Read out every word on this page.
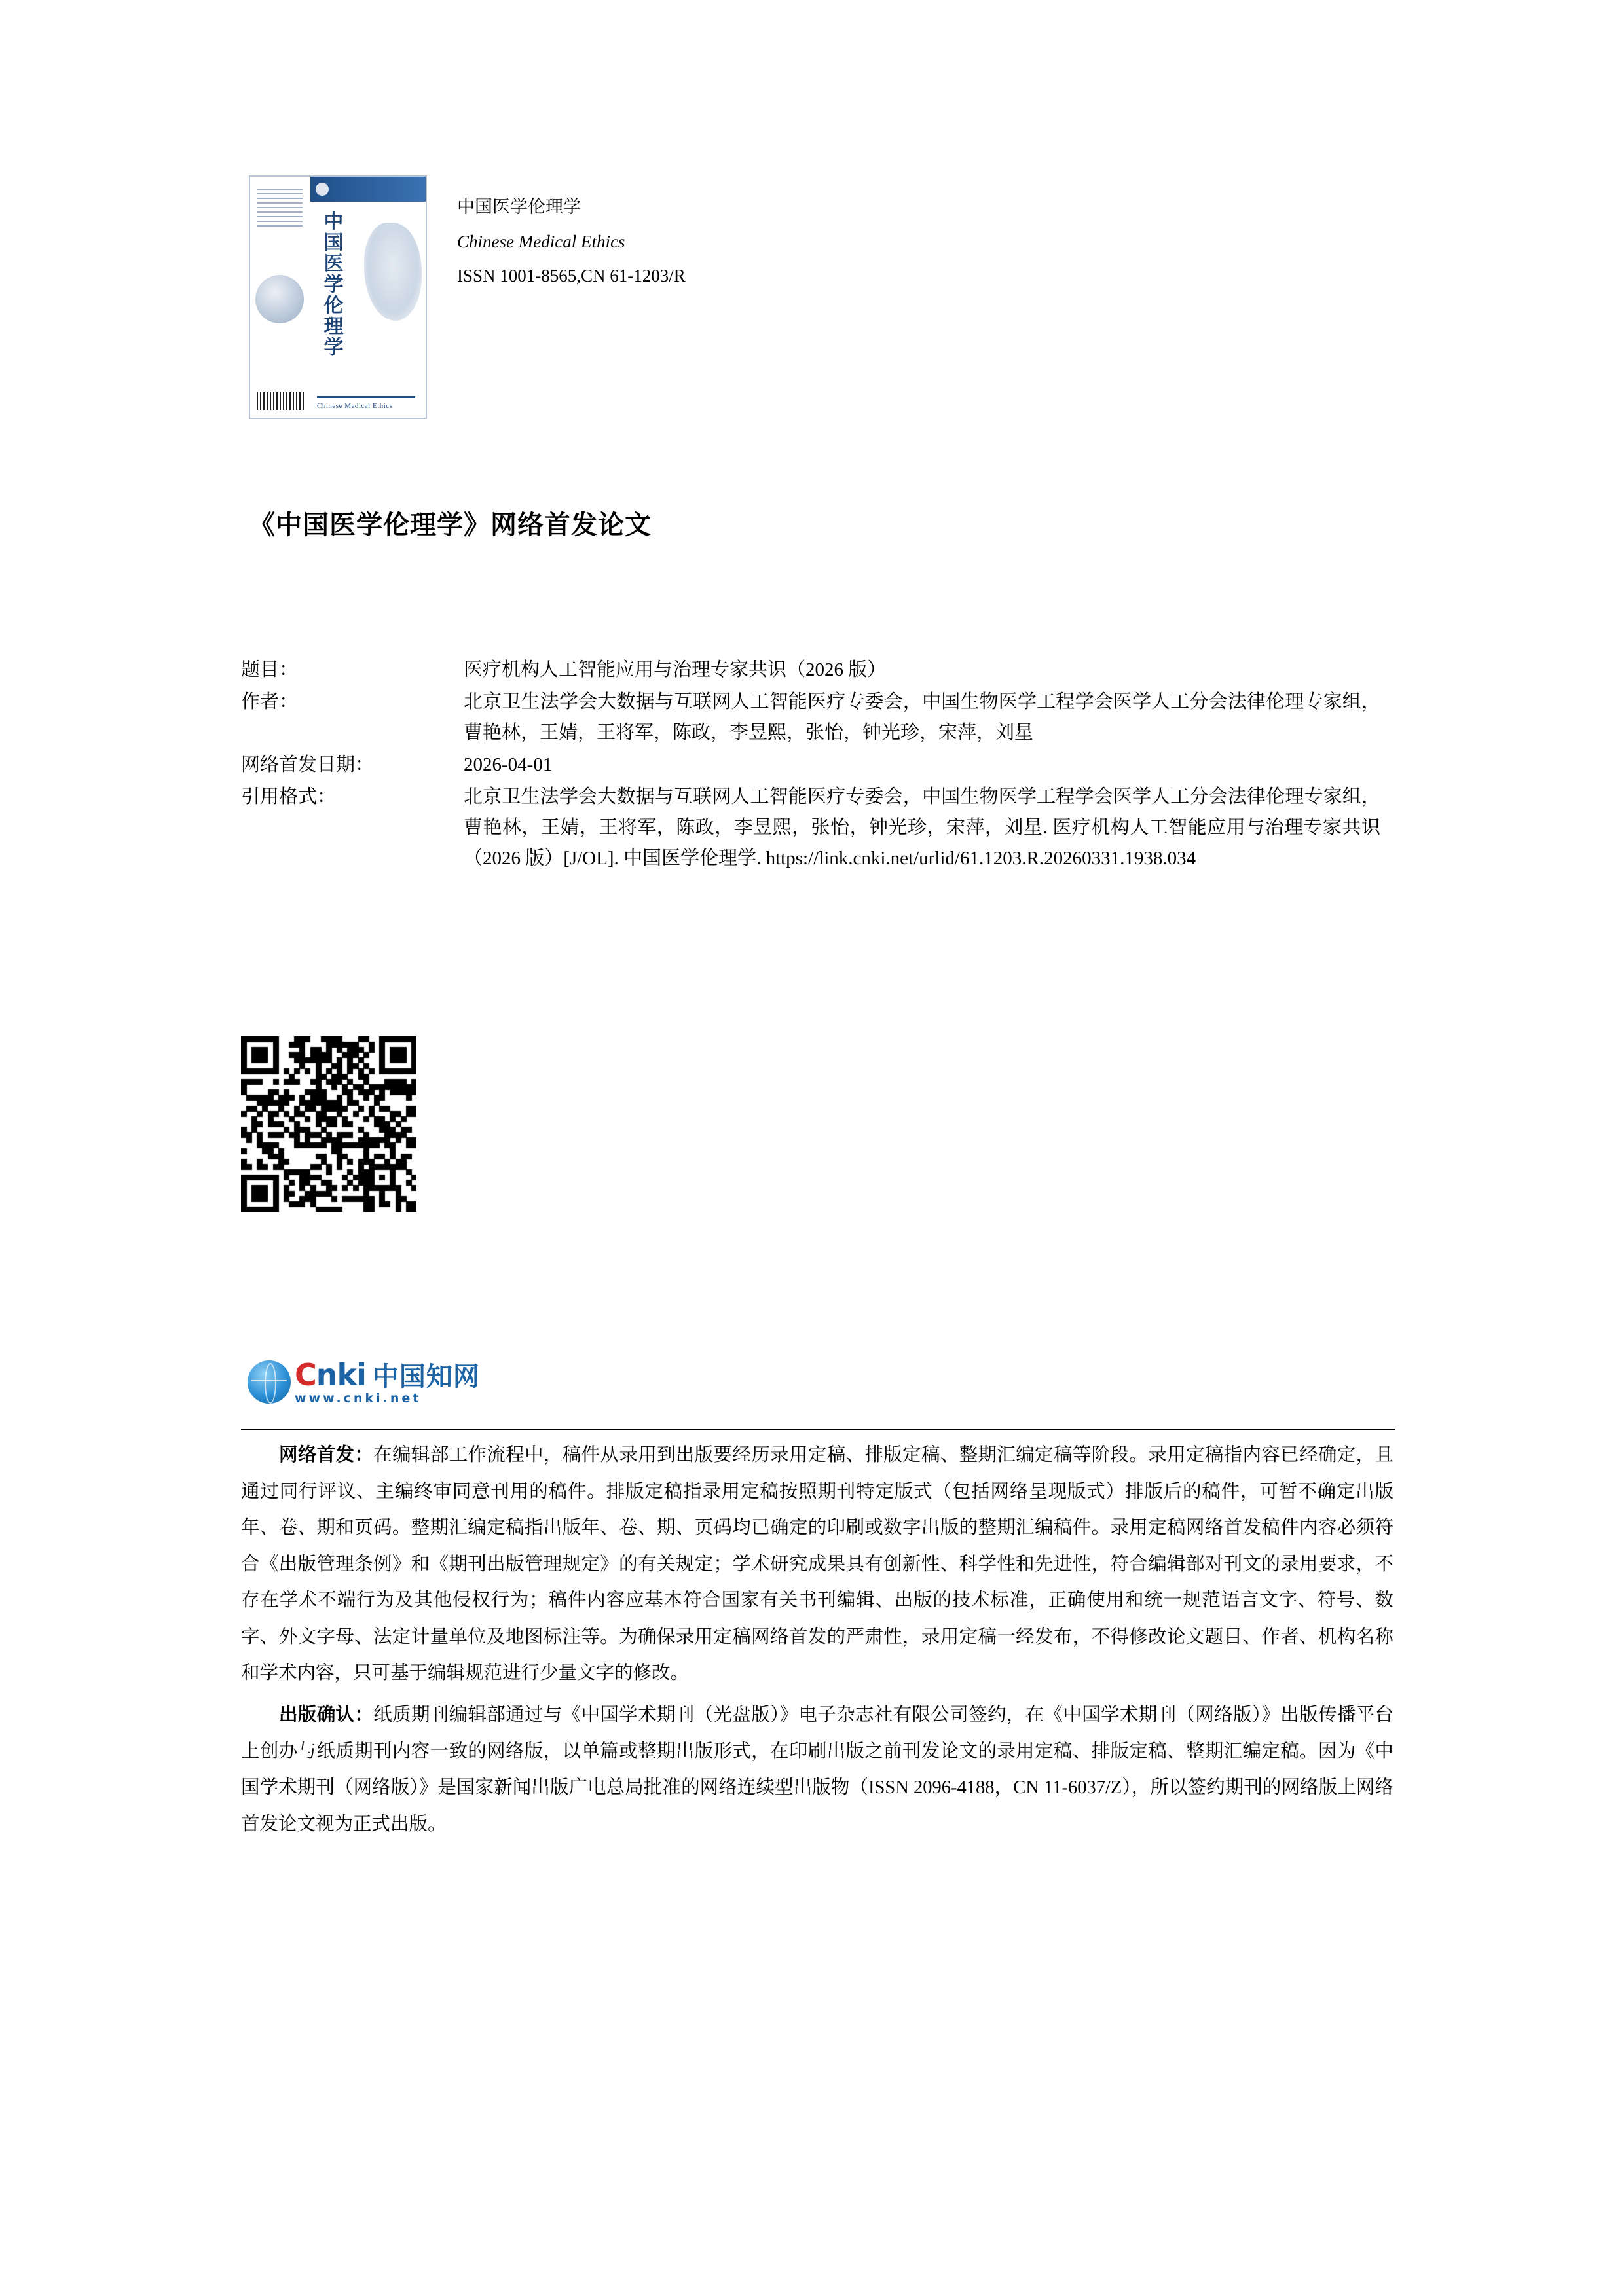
中国医学伦理学
Chinese Medical Ethics
中国医学伦理学
Chinese Medical Ethics
ISSN 1001-8565,CN 61-1203/R
《中国医学伦理学》网络首发论文
题目：	医疗机构人工智能应用与治理专家共识（2026 版）
作者：	北京卫生法学会大数据与互联网人工智能医疗专委会，中国生物医学工程学会医学人工分会法律伦理专家组，曹艳林，王婧，王将军，陈政，李昱熙，张怡，钟光珍，宋萍，刘星
网络首发日期：	2026-04-01
引用格式：	北京卫生法学会大数据与互联网人工智能医疗专委会，中国生物医学工程学会医学人工分会法律伦理专家组，曹艳林，王婧，王将军，陈政，李昱熙，张怡，钟光珍，宋萍，刘星. 医疗机构人工智能应用与治理专家共识（2026 版）[J/OL]. 中国医学伦理学. https://link.cnki.net/urlid/61.1203.R.20260331.1938.034
Cnki 中国知网
www.cnki.net

网络首发：在编辑部工作流程中，稿件从录用到出版要经历录用定稿、排版定稿、整期汇编定稿等阶段。录用定稿指内容已经确定，且通过同行评议、主编终审同意刊用的稿件。排版定稿指录用定稿按照期刊特定版式（包括网络呈现版式）排版后的稿件，可暂不确定出版年、卷、期和页码。整期汇编定稿指出版年、卷、期、页码均已确定的印刷或数字出版的整期汇编稿件。录用定稿网络首发稿件内容必须符合《出版管理条例》和《期刊出版管理规定》的有关规定；学术研究成果具有创新性、科学性和先进性，符合编辑部对刊文的录用要求，不存在学术不端行为及其他侵权行为；稿件内容应基本符合国家有关书刊编辑、出版的技术标准，正确使用和统一规范语言文字、符号、数字、外文字母、法定计量单位及地图标注等。为确保录用定稿网络首发的严肃性，录用定稿一经发布，不得修改论文题目、作者、机构名称和学术内容，只可基于编辑规范进行少量文字的修改。

出版确认：纸质期刊编辑部通过与《中国学术期刊（光盘版）》电子杂志社有限公司签约，在《中国学术期刊（网络版）》出版传播平台上创办与纸质期刊内容一致的网络版，以单篇或整期出版形式，在印刷出版之前刊发论文的录用定稿、排版定稿、整期汇编定稿。因为《中国学术期刊（网络版）》是国家新闻出版广电总局批准的网络连续型出版物（ISSN 2096-4188，CN 11-6037/Z），所以签约期刊的网络版上网络首发论文视为正式出版。
